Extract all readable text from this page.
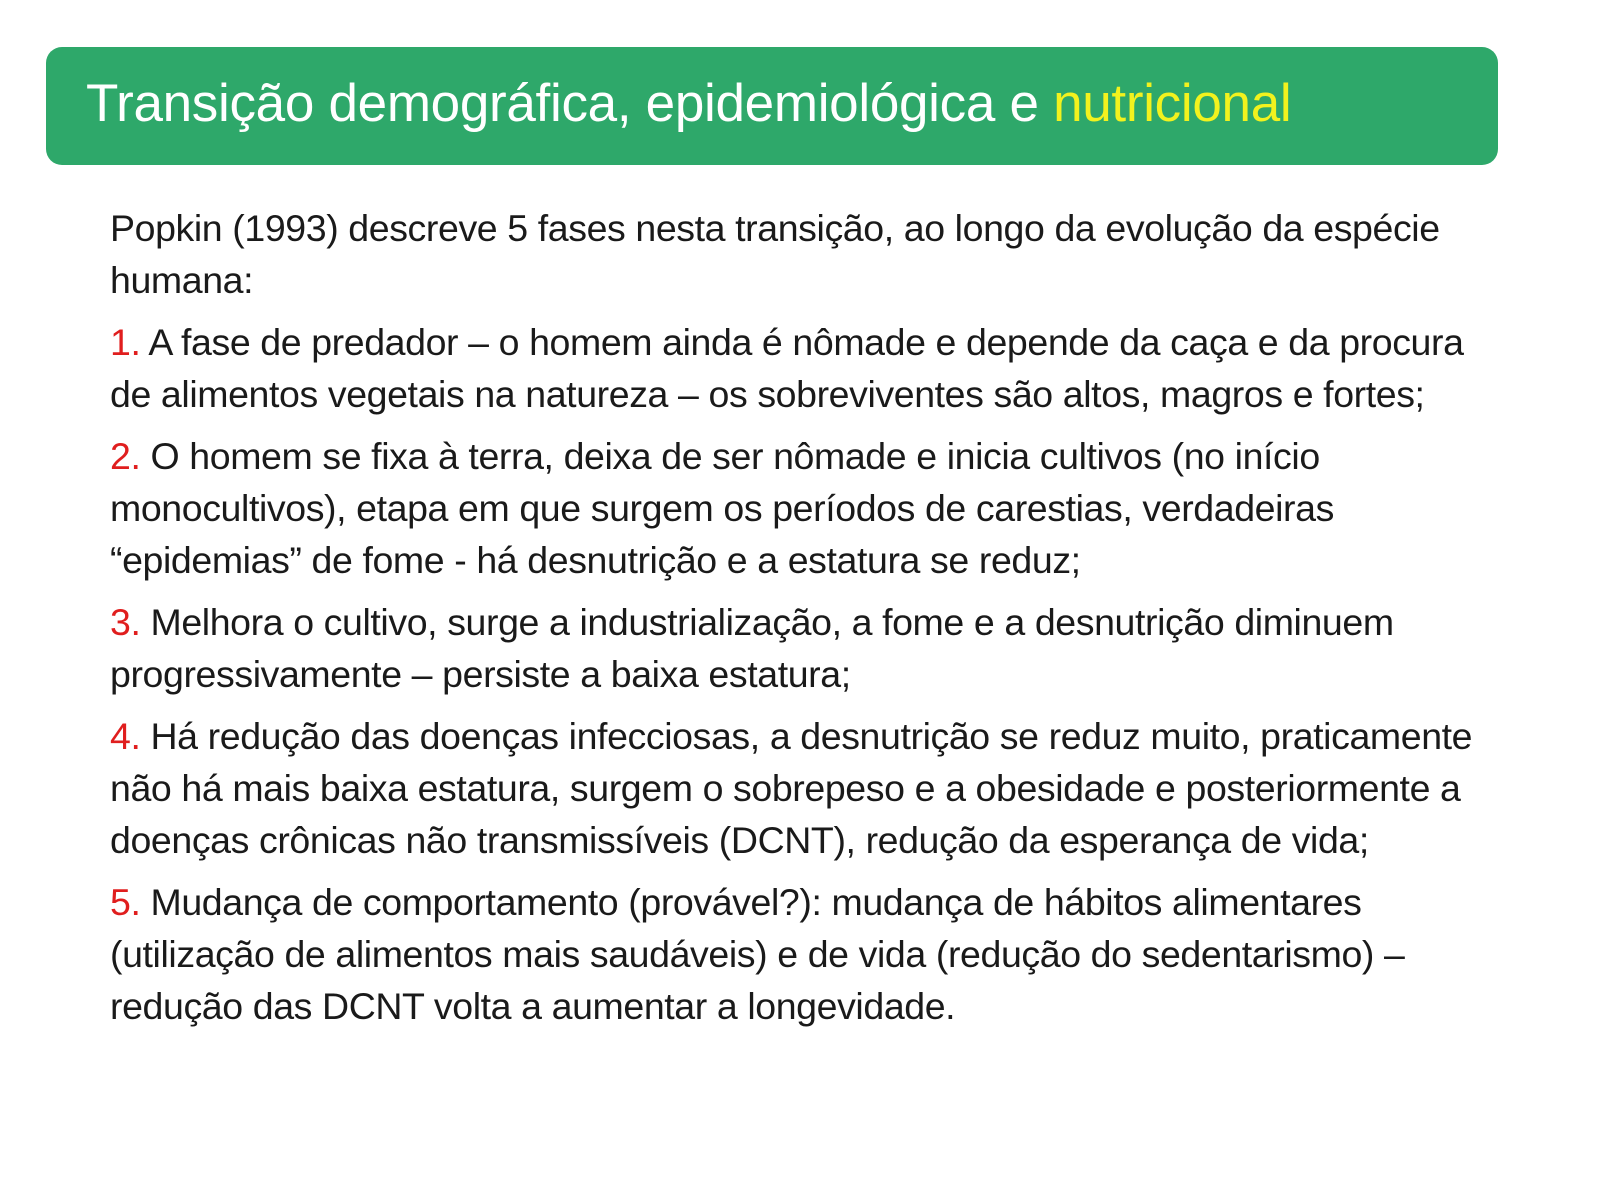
Transição demográfica, epidemiológica e nutricional

Popkin (1993) descreve 5 fases nesta transição, ao longo da evolução da espécie humana:

1. A fase de predador – o homem ainda é nômade e depende da caça e da procura de alimentos vegetais na natureza – os sobreviventes são altos, magros e fortes;

2. O homem se fixa à terra, deixa de ser nômade e inicia cultivos (no início monocultivos), etapa em que surgem os períodos de carestias, verdadeiras “epidemias” de fome - há desnutrição e a estatura se reduz;

3. Melhora o cultivo, surge a industrialização, a fome e a desnutrição diminuem progressivamente – persiste a baixa estatura;

4. Há redução das doenças infecciosas, a desnutrição se reduz muito, praticamente não há mais baixa estatura, surgem o sobrepeso e a obesidade e posteriormente a doenças crônicas não transmissíveis (DCNT), redução da esperança de vida;

5. Mudança de comportamento (provável?): mudança de hábitos alimentares (utilização de alimentos mais saudáveis) e de vida (redução do sedentarismo) – redução das DCNT volta a aumentar a longevidade.
